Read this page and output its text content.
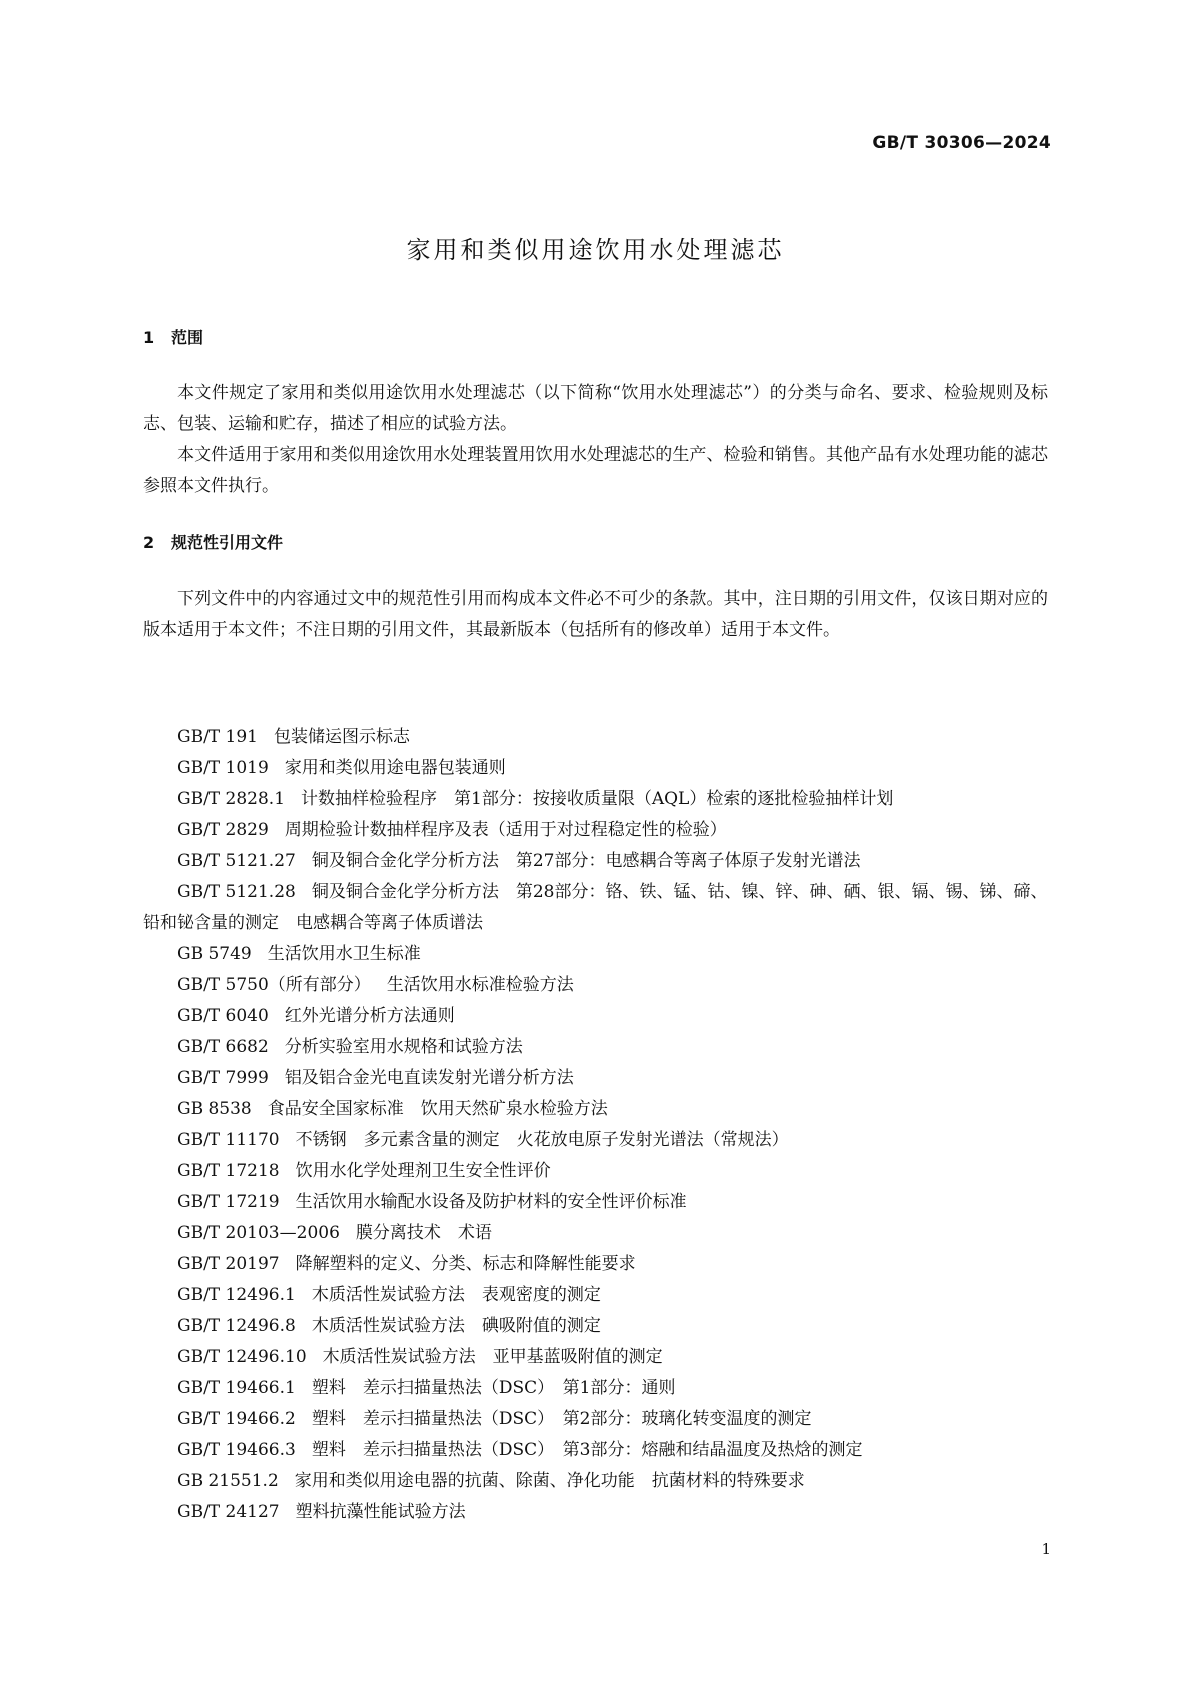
GB/T 30306—2024
家用和类似用途饮用水处理滤芯
1 范围

本文件规定了家用和类似用途饮用水处理滤芯（以下简称“饮用水处理滤芯”）的分类与命名、要求、检验规则及标志、包装、运输和贮存，描述了相应的试验方法。

本文件适用于家用和类似用途饮用水处理装置用饮用水处理滤芯的生产、检验和销售。其他产品有水处理功能的滤芯参照本文件执行。

2 规范性引用文件

下列文件中的内容通过文中的规范性引用而构成本文件必不可少的条款。其中，注日期的引用文件，仅该日期对应的版本适用于本文件；不注日期的引用文件，其最新版本（包括所有的修改单）适用于本文件。

GB/T 191 包装储运图示标志
GB/T 1019 家用和类似用途电器包装通则
GB/T 2828.1 计数抽样检验程序　第1部分：按接收质量限（AQL）检索的逐批检验抽样计划
GB/T 2829 周期检验计数抽样程序及表（适用于对过程稳定性的检验）
GB/T 5121.27 铜及铜合金化学分析方法　第27部分：电感耦合等离子体原子发射光谱法
GB/T 5121.28 铜及铜合金化学分析方法　第28部分：铬、铁、锰、钴、镍、锌、砷、硒、银、镉、锡、锑、碲、铅和铋含量的测定　电感耦合等离子体质谱法
GB 5749 生活饮用水卫生标准
GB/T 5750（所有部分） 生活饮用水标准检验方法
GB/T 6040 红外光谱分析方法通则
GB/T 6682 分析实验室用水规格和试验方法
GB/T 7999 铝及铝合金光电直读发射光谱分析方法
GB 8538 食品安全国家标准　饮用天然矿泉水检验方法
GB/T 11170 不锈钢　多元素含量的测定　火花放电原子发射光谱法（常规法）
GB/T 17218 饮用水化学处理剂卫生安全性评价
GB/T 17219 生活饮用水输配水设备及防护材料的安全性评价标准
GB/T 20103—2006 膜分离技术　术语
GB/T 20197 降解塑料的定义、分类、标志和降解性能要求
GB/T 12496.1 木质活性炭试验方法　表观密度的测定
GB/T 12496.8 木质活性炭试验方法　碘吸附值的测定
GB/T 12496.10 木质活性炭试验方法　亚甲基蓝吸附值的测定
GB/T 19466.1 塑料　差示扫描量热法（DSC）　第1部分：通则
GB/T 19466.2 塑料　差示扫描量热法（DSC）　第2部分：玻璃化转变温度的测定
GB/T 19466.3 塑料　差示扫描量热法（DSC）　第3部分：熔融和结晶温度及热焓的测定
GB 21551.2 家用和类似用途电器的抗菌、除菌、净化功能　抗菌材料的特殊要求
GB/T 24127 塑料抗藻性能试验方法
1
